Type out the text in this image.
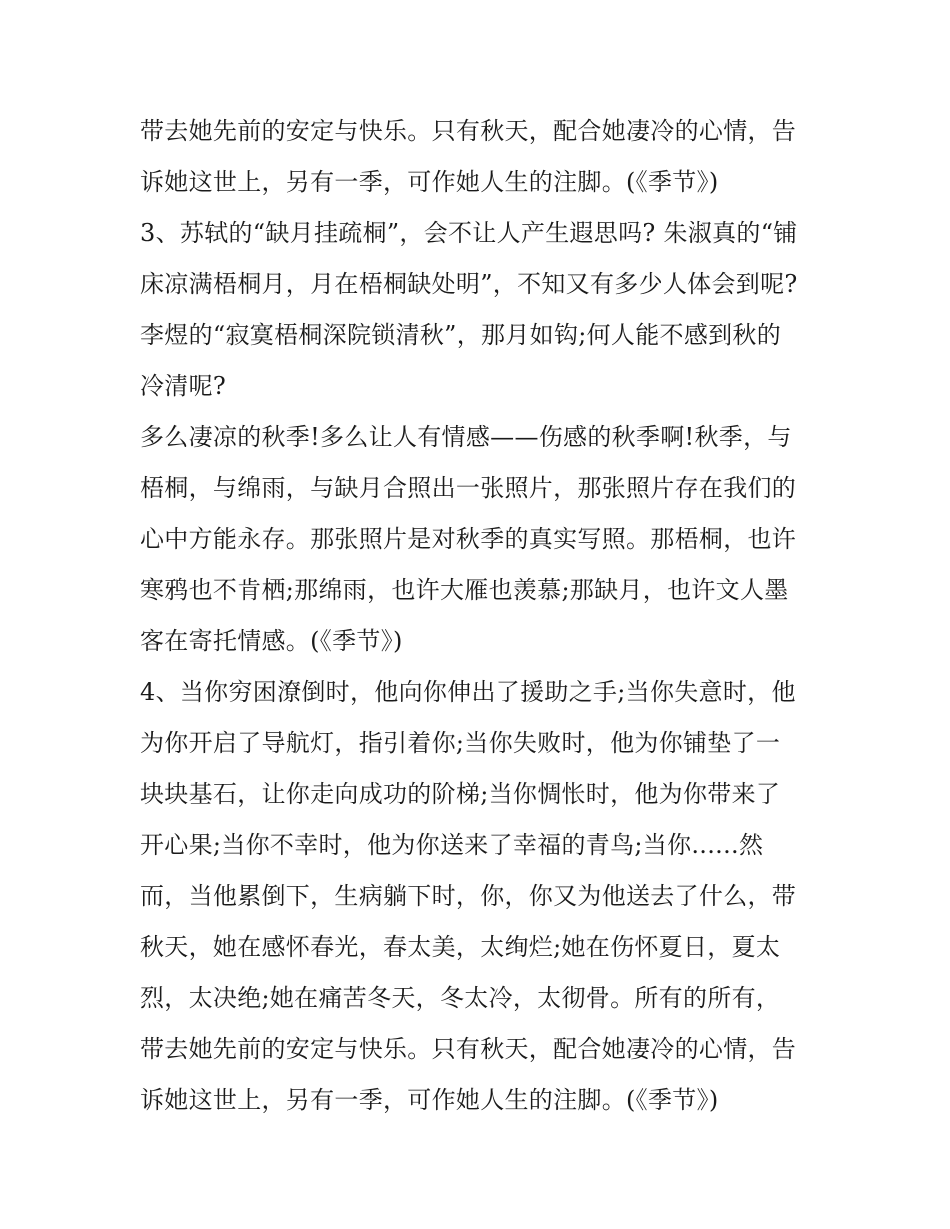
带去她先前的安定与快乐。只有秋天，配合她凄冷的心情，告
诉她这世上，另有一季，可作她人生的注脚。(《季节》)
3、苏轼的“缺月挂疏桐”，会不让人产生遐思吗? 朱淑真的“铺
床凉满梧桐月，月在梧桐缺处明”，不知又有多少人体会到呢?
李煜的“寂寞梧桐深院锁清秋”，那月如钩;何人能不感到秋的
冷清呢?
多么凄凉的秋季!多么让人有情感——伤感的秋季啊!秋季，与
梧桐，与绵雨，与缺月合照出一张照片，那张照片存在我们的
心中方能永存。那张照片是对秋季的真实写照。那梧桐，也许
寒鸦也不肯栖;那绵雨，也许大雁也羡慕;那缺月，也许文人墨
客在寄托情感。(《季节》)
4、当你穷困潦倒时，他向你伸出了援助之手;当你失意时，他
为你开启了导航灯，指引着你;当你失败时，他为你铺垫了一
块块基石，让你走向成功的阶梯;当你惆怅时，他为你带来了
开心果;当你不幸时，他为你送来了幸福的青鸟;当你......然
而，当他累倒下，生病躺下时，你，你又为他送去了什么，带
秋天，她在感怀春光，春太美，太绚烂;她在伤怀夏日，夏太
烈，太决绝;她在痛苦冬天，冬太冷，太彻骨。所有的所有，
带去她先前的安定与快乐。只有秋天，配合她凄冷的心情，告
诉她这世上，另有一季，可作她人生的注脚。(《季节》)
